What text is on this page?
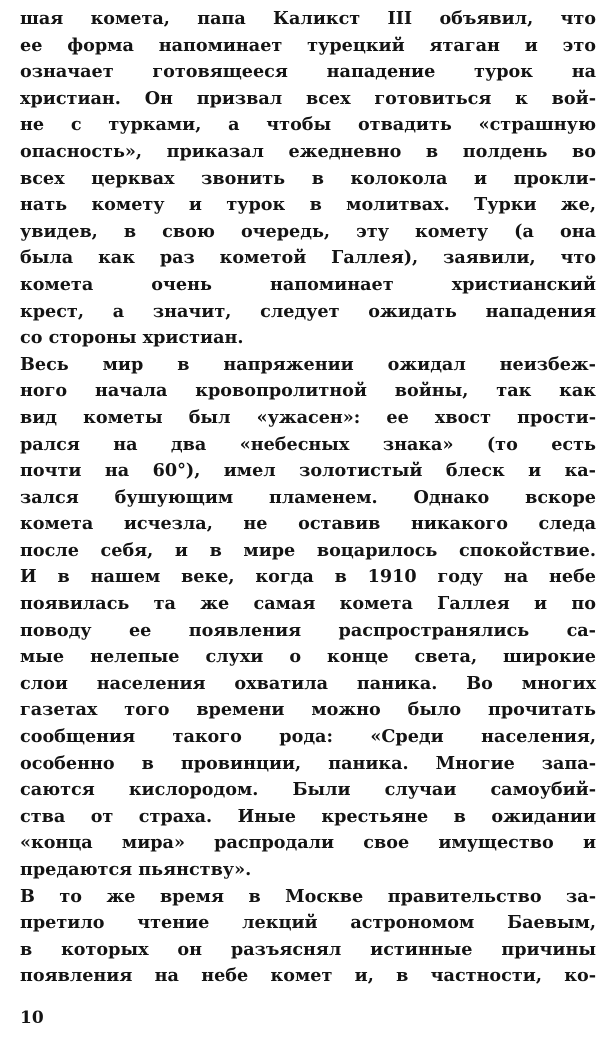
шая комета, папа Каликст III объявил, что
ее форма напоминает турецкий ятаган и это
означает готовящееся нападение турок на
христиан. Он призвал всех готовиться к вой-
не с турками, а чтобы отвадить «страшную
опасность», приказал ежедневно в полдень во
всех церквах звонить в колокола и прокли-
нать комету и турок в молитвах. Турки же,
увидев, в свою очередь, эту комету (а она
была как раз кометой Галлея), заявили, что
комета очень напоминает христианский
крест, а значит, следует ожидать нападения
со стороны христиан.
Весь мир в напряжении ожидал неизбеж-
ного начала кровопролитной войны, так как
вид кометы был «ужасен»: ее хвост прости-
рался на два «небесных знака» (то есть
почти на 60°), имел золотистый блеск и ка-
зался бушующим пламенем. Однако вскоре
комета исчезла, не оставив никакого следа
после себя, и в мире воцарилось спокойствие.
И в нашем веке, когда в 1910 году на небе
появилась та же самая комета Галлея и по
поводу ее появления распространялись са-
мые нелепые слухи о конце света, широкие
слои населения охватила паника. Во многих
газетах того времени можно было прочитать
сообщения такого рода: «Среди населения,
особенно в провинции, паника. Многие запа-
саются кислородом. Были случаи самоубий-
ства от страха. Иные крестьяне в ожидании
«конца мира» распродали свое имущество и
предаются пьянству».
В то же время в Москве правительство за-
претило чтение лекций астрономом Баевым,
в которых он разъяснял истинные причины
появления на небе комет и, в частности, ко-
10
